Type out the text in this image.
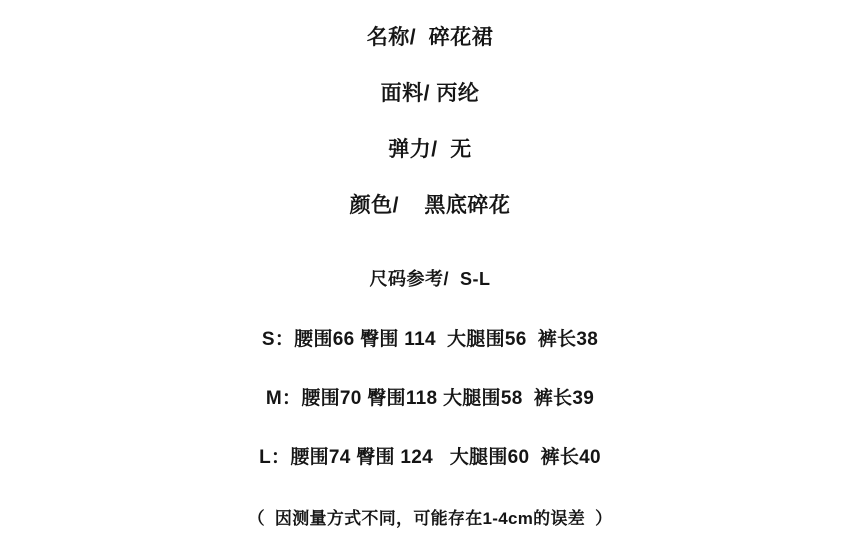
名称/  碎花裙
面料/ 丙纶
弹力/  无
颜色/    黑底碎花
尺码参考/  S-L
S：腰围66 臀围 114  大腿围56  裤长38
M：腰围70 臀围118 大腿围58  裤长39
L：腰围74 臀围 124   大腿围60  裤长40
（  因测量方式不同，可能存在1-4cm的误差  ）
